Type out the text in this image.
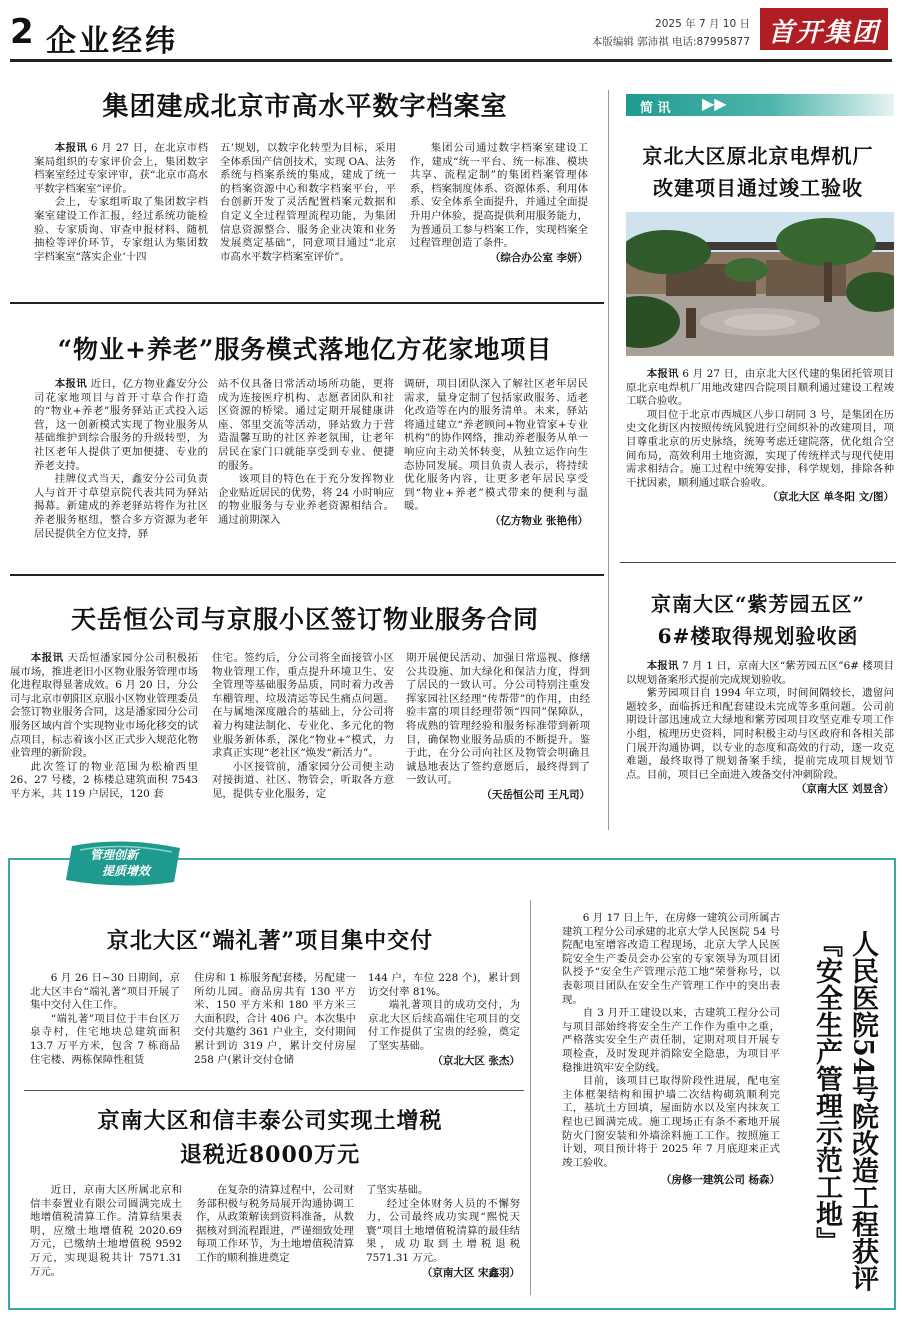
2 企业经纬	2025 年 7 月 10 日
本版编辑 郭沛祺 电话:87995877 首开集团
集团建成北京市高水平数字档案室

本报讯 6 月 27 日，在北京市档案局组织的专家评价会上，集团数字档案室经过专家评审，获“北京市高水平数字档案室”评价。

会上，专家组听取了集团数字档案室建设工作汇报，经过系统功能检验、专家质询、审查申报材料、随机抽检等评价环节，专家组认为集团数字档案室“落实企业‘十四

五’规划，以数字化转型为目标，采用全体系国产信创技术，实现 OA、法务系统与档案系统的集成，建成了统一的档案资源中心和数字档案平台，平台创新开发了灵活配置档案元数据和自定义全过程管理流程功能，为集团信息资源整合、服务企业决策和业务发展奠定基础”，同意项目通过“北京市高水平数字档案室评价”。

集团公司通过数字档案室建设工作，建成“统一平台、统一标准、模块共享、流程定制”的集团档案管理体系，档案制度体系、资源体系、利用体系、安全体系全面提升，并通过全面提升用户体验，提高提供利用服务能力，为普通员工参与档案工作，实现档案全过程管理创造了条件。

（综合办公室 李妍）
“物业+养老”服务模式落地亿方花家地项目

本报讯 近日，亿方物业鑫安分公司花家地项目与首开寸草合作打造的“物业+养老”服务驿站正式投入运营，这一创新模式实现了物业服务从基础维护到综合服务的升级转型，为社区老年人提供了更加便捷、专业的养老支持。

挂牌仪式当天，鑫安分公司负责人与首开寸草望京院代表共同为驿站揭幕。新建成的养老驿站将作为社区养老服务枢纽，整合多方资源为老年居民提供全方位支持，驿

站不仅具备日常活动场所功能，更将成为连接医疗机构、志愿者团队和社区资源的桥梁。通过定期开展健康讲座、邻里交流等活动，驿站致力于营造温馨互助的社区养老氛围，让老年居民在家门口就能享受到专业、便捷的服务。

该项目的特色在于充分发挥物业企业贴近居民的优势，将 24 小时响应的物业服务与专业养老资源相结合。通过前期深入

调研，项目团队深入了解社区老年居民需求，量身定制了包括家政服务、适老化改造等在内的服务清单。未来，驿站将通过建立“养老顾问+物业管家+专业机构”的协作网络，推动养老服务从单一响应向主动关怀转变，从独立运作向生态协同发展。项目负责人表示，将持续优化服务内容，让更多老年居民享受到“物业+养老”模式带来的便利与温暖。

（亿方物业 张艳伟）
天岳恒公司与京服小区签订物业服务合同

本报讯 天岳恒潘家园分公司积极拓展市场，推进老旧小区物业服务管理市场化进程取得显著成效。6 月 20 日，分公司与北京市朝阳区京服小区物业管理委员会签订物业服务合同，这是潘家园分公司服务区域内首个实现物业市场化移交的试点项目，标志着该小区正式步入规范化物业管理的新阶段。

此次签订的物业范围为松榆西里 26、27 号楼，2 栋楼总建筑面积 7543 平方米，共 119 户居民，120 套

住宅。签约后，分公司将全面接管小区物业管理工作，重点提升环境卫生、安全管理等基础服务品质，同时着力改善车棚管理、垃圾清运等民生痛点问题。在与属地深度融合的基础上，分公司将着力构建法制化、专业化、多元化的物业服务新体系，深化“物业+”模式，力求真正实现“老社区”焕发“新活力”。

小区接管前，潘家园分公司便主动对接街道、社区、物管会，听取各方意见，提供专业化服务，定

期开展便民活动、加强日常巡视、修缮公共设施、加大绿化和保洁力度，得到了居民的一致认可。分公司特别注重发挥家园社区经理“传帮带”的作用，由经验丰富的项目经理带领“四同”保障队，将成熟的管理经验和服务标准带到新项目，确保物业服务品质的不断提升。鉴于此，在分公司向社区及物管会明确且诚恳地表达了签约意愿后，最终得到了一致认可。

（天岳恒公司 王凡司）
简 讯 ▶▶
京北大区原北京电焊机厂
改建项目通过竣工验收

本报讯 6 月 27 日，由京北大区代建的集团托管项目原北京电焊机厂用地改建四合院项目顺利通过建设工程竣工联合验收。

项目位于北京市西城区八步口胡同 3 号，是集团在历史文化街区内按照传统风貌进行空间织补的改建项目，项目尊重北京的历史脉络，统筹考虑迁建院落，优化组合空间布局，高效利用土地资源，实现了传统样式与现代使用需求相结合。施工过程中统筹安排，科学规划，排除各种干扰因素，顺利通过联合验收。

（京北大区 单冬阳 文/图）
京南大区“紫芳园五区”
6#楼取得规划验收函

本报讯 7 月 1 日，京南大区“紫芳园五区”6# 楼项目以规划备案形式提前完成规划验收。

紫芳园项目自 1994 年立项，时间间隔较长，遗留问题较多，面临拆迁和配套建设未完成等多重问题。公司前期设计部迅速成立大绿地和紫芳园项目攻坚克难专项工作小组，梳理历史资料，同时积极主动与区政府和各相关部门展开沟通协调，以专业的态度和高效的行动，逐一攻克难题，最终取得了规划备案手续，提前完成项目规划节点。目前，项目已全面进入竣备交付冲刺阶段。

（京南大区 刘昱含）
管理创新
提质增效
京北大区“端礼著”项目集中交付

6 月 26 日~30 日期间，京北大区丰台“端礼著”项目开展了集中交付入住工作。

“端礼著”项目位于丰台区万泉寺村，住宅地块总建筑面积 13.7 万平方米，包含 7 栋商品住宅楼、两栋保障性租赁

住房和 1 栋服务配套楼，另配建一所幼儿园。商品房共有 130 平方米、150 平方米和 180 平方米三大面积段，合计 406 户。本次集中交付共邀约 361 户业主，交付期间累计到访 319 户，累计交付房屋 258 户(累计交付仓储

144 户，车位 228 个)，累计到访交付率 81%。

端礼著项目的成功交付，为京北大区后续高端住宅项目的交付工作提供了宝贵的经验，奠定了坚实基础。

（京北大区 张杰）
京南大区和信丰泰公司实现土增税
退税近8000万元

近日，京南大区所属北京和信丰泰置业有限公司圆满完成土地增值税清算工作。清算结果表明，应缴土地增值税 2020.69 万元，已缴纳土地增值税 9592 万元，实现退税共计 7571.31 万元。

在复杂的清算过程中，公司财务部积极与税务局展开沟通协调工作，从政策解读到资料准备，从数据核对到流程跟进，严谨细致处理每项工作环节，为土地增值税清算工作的顺利推进奠定

了坚实基础。

经过全体财务人员的不懈努力，公司最终成功实现“熙悦天寰”项目土地增值税清算的最佳结果，成功取到土增税退税 7571.31 万元。

（京南大区 宋鑫羽）

6 月 17 日上午，在房修一建筑公司所属古建筑工程分公司承建的北京大学人民医院 54 号院配电室增容改造工程现场，北京大学人民医院安全生产委员会办公室的专家领导为项目团队授予“安全生产管理示范工地”荣誉称号，以表彰项目团队在安全生产管理工作中的突出表现。

自 3 月开工建设以来，古建筑工程分公司与项目部始终将安全生产工作作为重中之重，严格落实安全生产责任制，定期对项目开展专项检查，及时发现并消除安全隐患，为项目平稳推进筑牢安全防线。

目前，该项目已取得阶段性进展，配电室主体框架结构和围护墙二次结构砌筑顺利完工，基坑土方回填，屋面防水以及室内抹灰工程也已圆满完成。施工现场正有条不紊地开展防火门窗安装和外墙涂料施工工作。按照施工计划，项目预计将于 2025 年 7 月底迎来正式竣工验收。

（房修一建筑公司 杨森）	人民医院54号院改造工程获评『安全生产管理示范工地』
